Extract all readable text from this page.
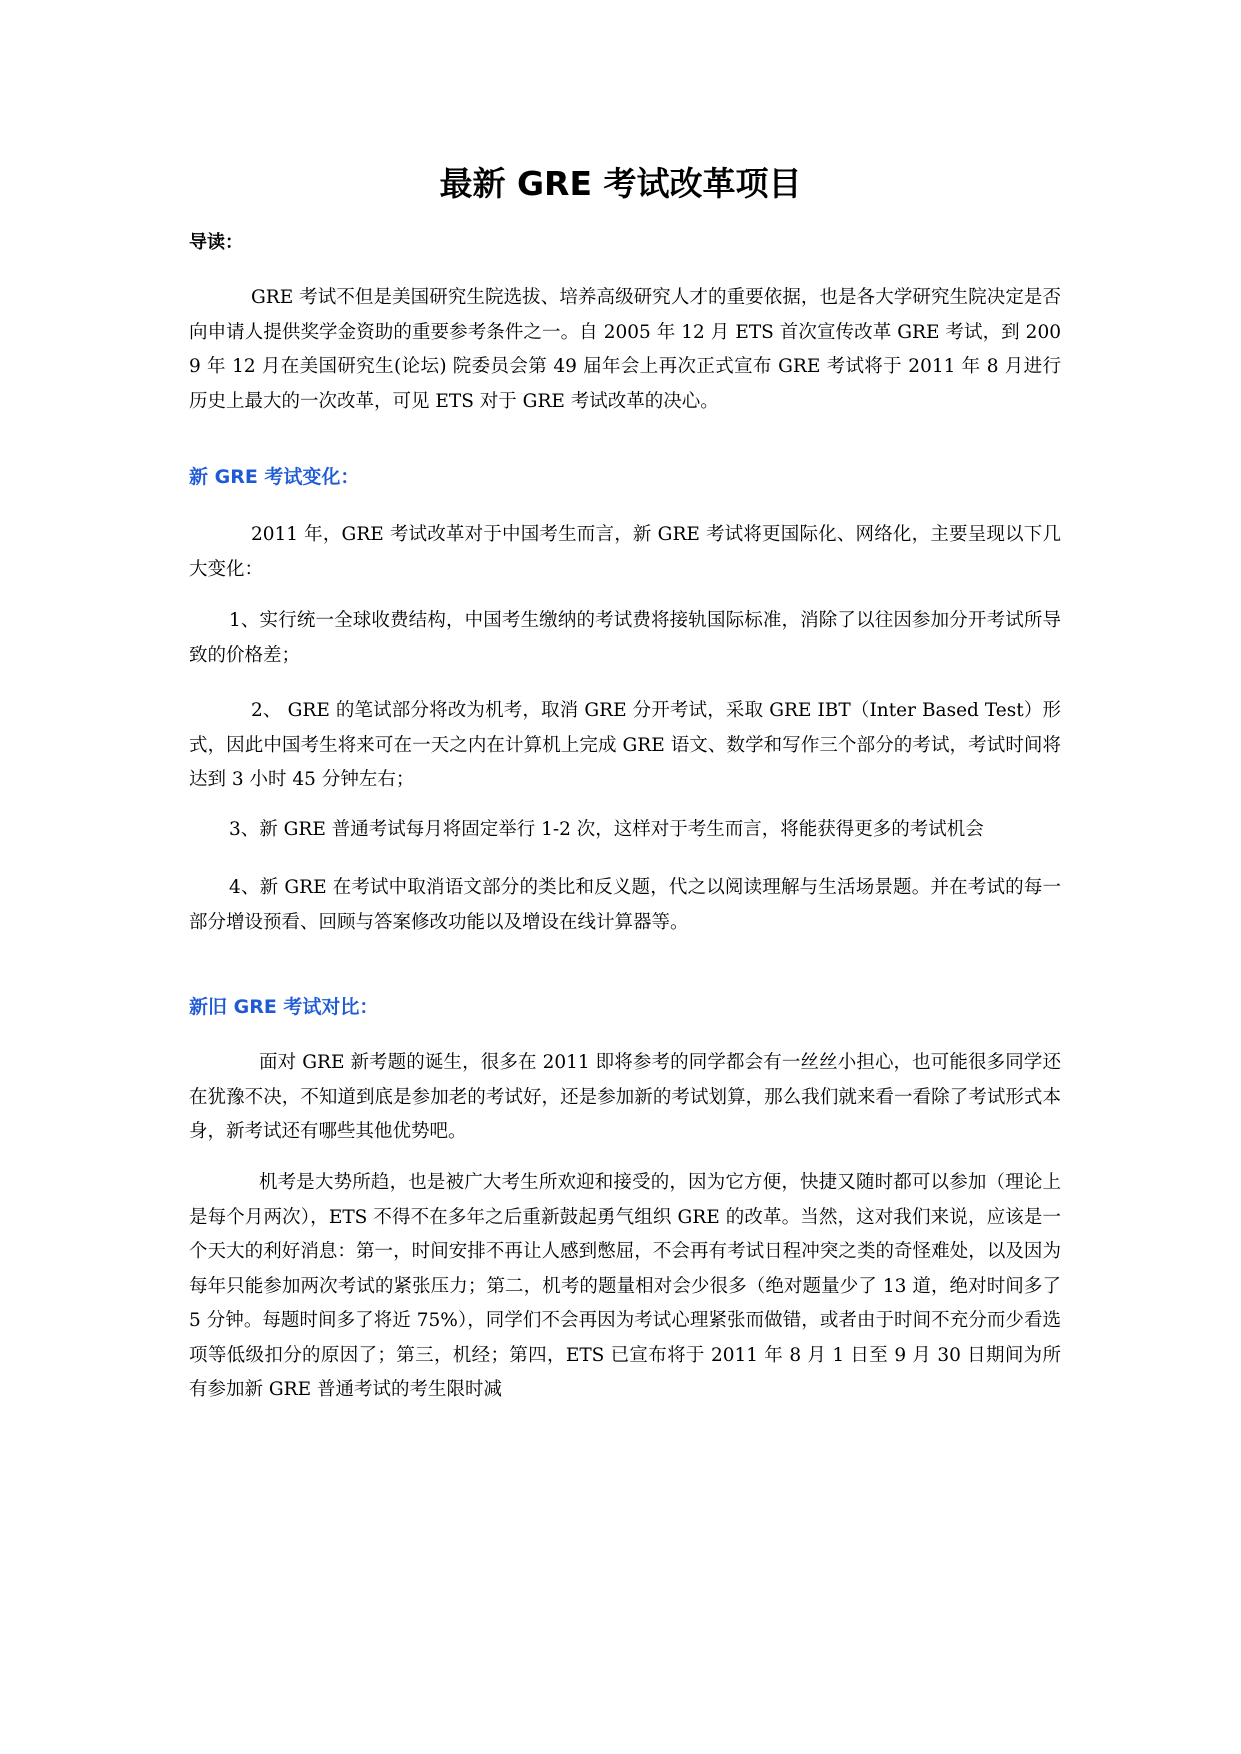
最新 GRE 考试改革项目

导读：

GRE 考试不但是美国研究生院选拔、培养高级研究人才的重要依据，也是各大学研究生院决定是否向申请人提供奖学金资助的重要参考条件之一。自 2005 年 12 月 ETS 首次宣传改革 GRE 考试，到 2009 年 12 月在美国研究生(论坛) 院委员会第 49 届年会上再次正式宣布 GRE 考试将于 2011 年 8 月进行历史上最大的一次改革，可见 ETS 对于 GRE 考试改革的决心。

新 GRE 考试变化：

2011 年，GRE 考试改革对于中国考生而言，新 GRE 考试将更国际化、网络化，主要呈现以下几大变化：

1、实行统一全球收费结构，中国考生缴纳的考试费将接轨国际标准，消除了以往因参加分开考试所导致的价格差；

2、 GRE 的笔试部分将改为机考，取消 GRE 分开考试，采取 GRE IBT（Inter Based Test）形式，因此中国考生将来可在一天之内在计算机上完成 GRE 语文、数学和写作三个部分的考试，考试时间将达到 3 小时 45 分钟左右；

3、新 GRE 普通考试每月将固定举行 1-2 次，这样对于考生而言，将能获得更多的考试机会

4、新 GRE 在考试中取消语文部分的类比和反义题，代之以阅读理解与生活场景题。并在考试的每一部分增设预看、回顾与答案修改功能以及增设在线计算器等。

新旧 GRE 考试对比：

面对 GRE 新考题的诞生，很多在 2011 即将参考的同学都会有一丝丝小担心，也可能很多同学还在犹豫不决，不知道到底是参加老的考试好，还是参加新的考试划算，那么我们就来看一看除了考试形式本身，新考试还有哪些其他优势吧。

机考是大势所趋，也是被广大考生所欢迎和接受的，因为它方便，快捷又随时都可以参加（理论上是每个月两次），ETS 不得不在多年之后重新鼓起勇气组织 GRE 的改革。当然，这对我们来说，应该是一个天大的利好消息：第一，时间安排不再让人感到憋屈，不会再有考试日程冲突之类的奇怪难处，以及因为每年只能参加两次考试的紧张压力；第二，机考的题量相对会少很多（绝对题量少了 13 道，绝对时间多了 5 分钟。每题时间多了将近 75%），同学们不会再因为考试心理紧张而做错，或者由于时间不充分而少看选项等低级扣分的原因了；第三，机经；第四，ETS 已宣布将于 2011 年 8 月 1 日至 9 月 30 日期间为所有参加新 GRE 普通考试的考生限时减
